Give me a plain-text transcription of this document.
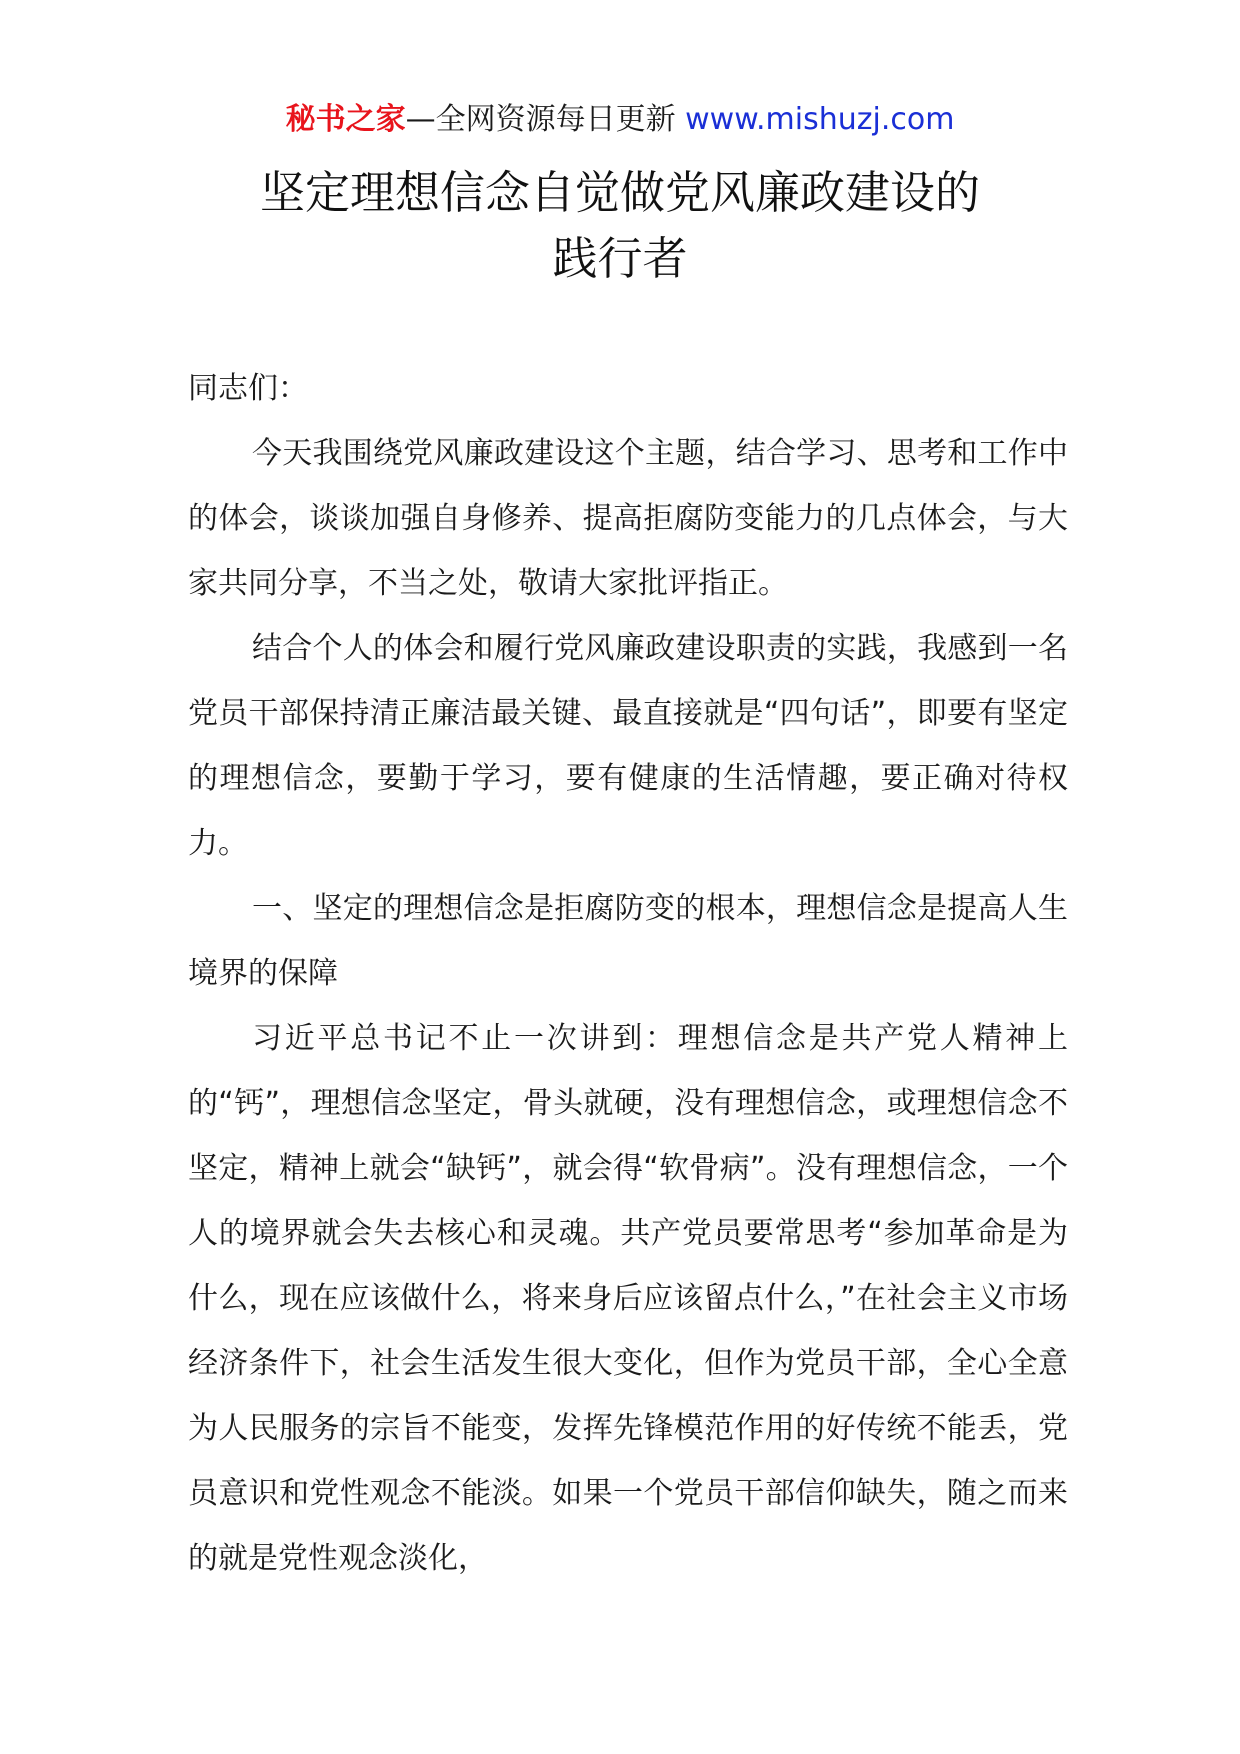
秘书之家—全网资源每日更新 www.mishuzj.com
坚定理想信念自觉做党风廉政建设的
践行者

同志们：

今天我围绕党风廉政建设这个主题，结合学习、思考和工作中的体会，谈谈加强自身修养、提高拒腐防变能力的几点体会，与大家共同分享，不当之处，敬请大家批评指正。

结合个人的体会和履行党风廉政建设职责的实践，我感到一名党员干部保持清正廉洁最关键、最直接就是“四句话”，即要有坚定的理想信念，要勤于学习，要有健康的生活情趣，要正确对待权力。

一、坚定的理想信念是拒腐防变的根本，理想信念是提高人生境界的保障

习近平总书记不止一次讲到：理想信念是共产党人精神上的“钙”，理想信念坚定，骨头就硬，没有理想信念，或理想信念不坚定，精神上就会“缺钙”，就会得“软骨病”。没有理想信念，一个人的境界就会失去核心和灵魂。共产党员要常思考“参加革命是为什么，现在应该做什么，将来身后应该留点什么，”在社会主义市场经济条件下，社会生活发生很大变化，但作为党员干部，全心全意为人民服务的宗旨不能变，发挥先锋模范作用的好传统不能丢，党员意识和党性观念不能淡。如果一个党员干部信仰缺失，随之而来的就是党性观念淡化，
